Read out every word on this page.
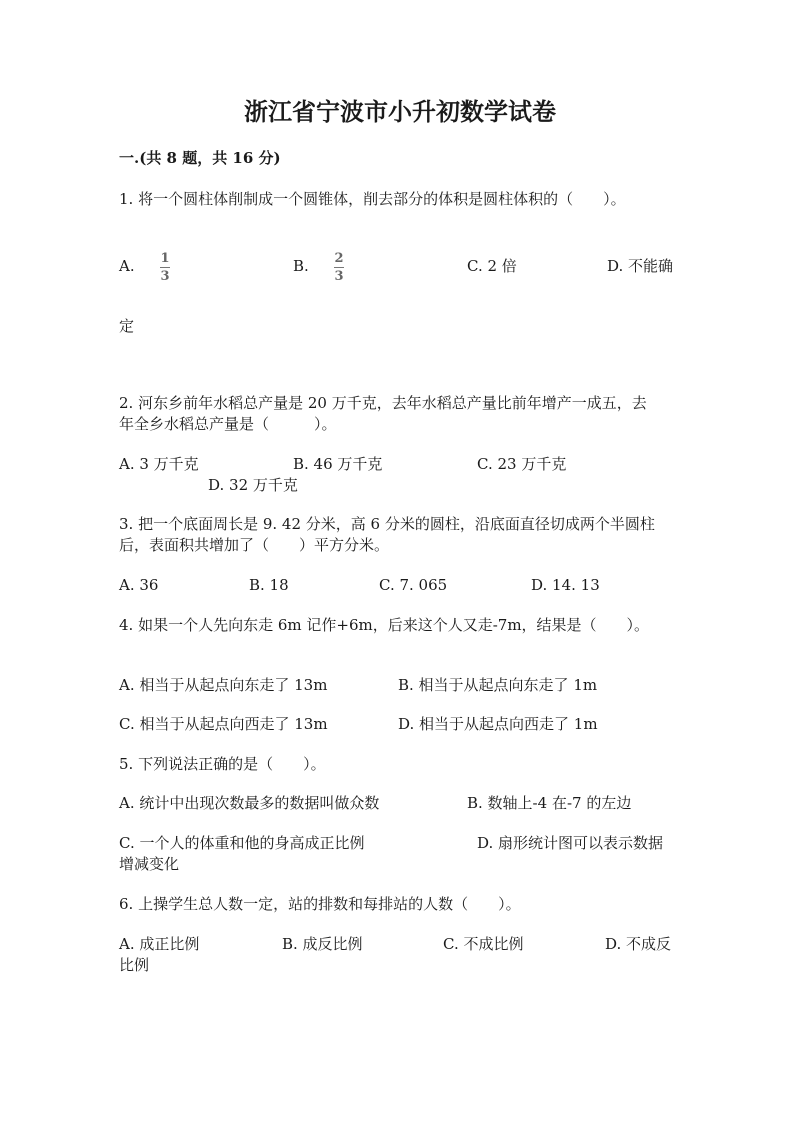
浙江省宁波市小升初数学试卷
一.(共 8 题，共 16 分)
1. 将一个圆柱体削制成一个圆锥体，削去部分的体积是圆柱体积的（　　）。
A. 1
3
B. 2
3
C. 2 倍	D. 不能确
定
2. 河东乡前年水稻总产量是 20 万千克，去年水稻总产量比前年增产一成五，去
年全乡水稻总产量是（　　　）。
A. 3 万千克	B. 46 万千克	C. 23 万千克
D. 32 万千克
3. 把一个底面周长是 9. 42 分米，高 6 分米的圆柱，沿底面直径切成两个半圆柱
后，表面积共增加了（　　）平方分米。
A. 36	B. 18	C. 7. 065	D. 14. 13
4. 如果一个人先向东走 6m 记作+6m，后来这个人又走-7m，结果是（　　）。
A. 相当于从起点向东走了 13m	B. 相当于从起点向东走了 1m
C. 相当于从起点向西走了 13m	D. 相当于从起点向西走了 1m
5. 下列说法正确的是（　　）。
A. 统计中出现次数最多的数据叫做众数	B. 数轴上-4 在-7 的左边
C. 一个人的体重和他的身高成正比例	D. 扇形统计图可以表示数据
增减变化
6. 上操学生总人数一定，站的排数和每排站的人数（　　）。
A. 成正比例	B. 成反比例	C. 不成比例	D. 不成反
比例
